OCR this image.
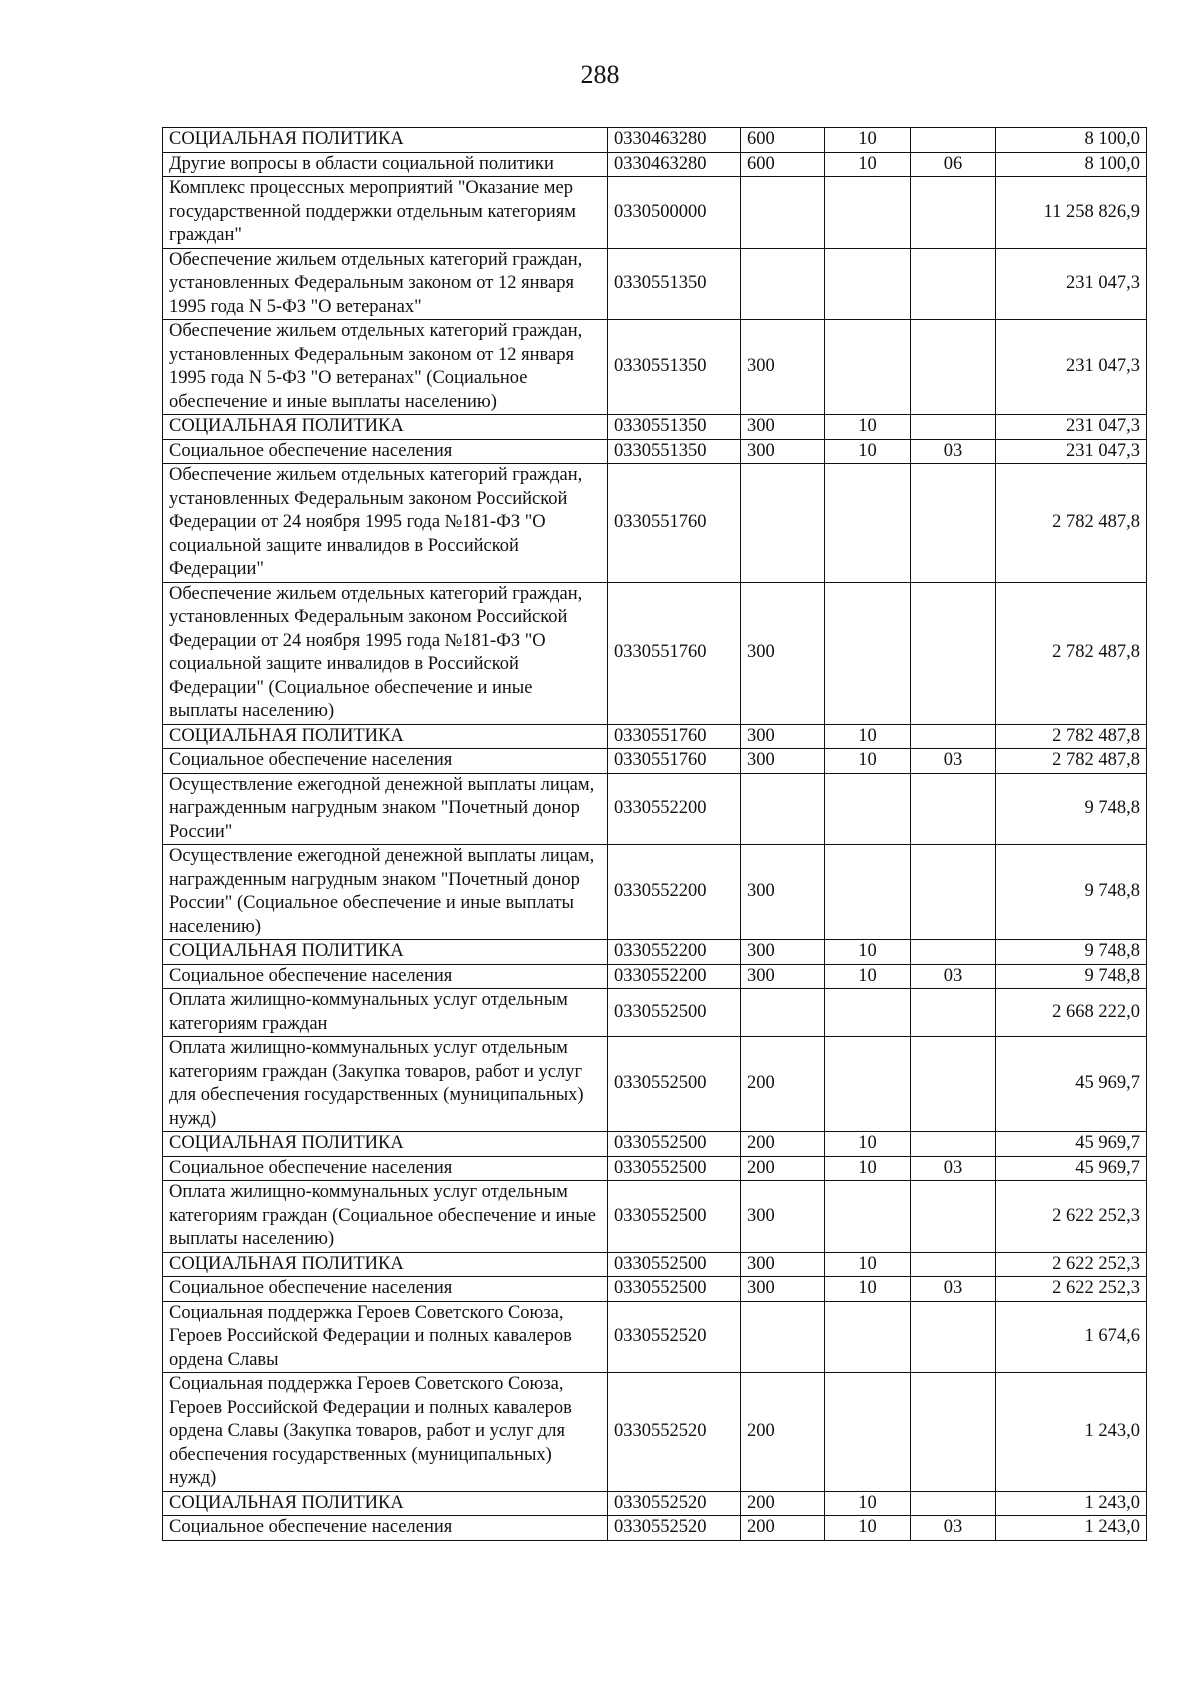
288
СОЦИАЛЬНАЯ ПОЛИТИКА	0330463280	600	10		8 100,0
Другие вопросы в области социальной политики	0330463280	600	10	06	8 100,0
Комплекс процессных мероприятий "Оказание мер государственной поддержки отдельным категориям граждан"	0330500000				11 258 826,9
Обеспечение жильем отдельных категорий граждан, установленных Федеральным законом от 12 января 1995 года N 5-ФЗ "О ветеранах"	0330551350				231 047,3
Обеспечение жильем отдельных категорий граждан, установленных Федеральным законом от 12 января 1995 года N 5-ФЗ "О ветеранах" (Социальное обеспечение и иные выплаты населению)	0330551350	300			231 047,3
СОЦИАЛЬНАЯ ПОЛИТИКА	0330551350	300	10		231 047,3
Социальное обеспечение населения	0330551350	300	10	03	231 047,3
Обеспечение жильем отдельных категорий граждан, установленных Федеральным законом Российской Федерации от 24 ноября 1995 года №181-ФЗ "О социальной защите инвалидов в Российской Федерации"	0330551760				2 782 487,8
Обеспечение жильем отдельных категорий граждан, установленных Федеральным законом Российской Федерации от 24 ноября 1995 года №181-ФЗ "О социальной защите инвалидов в Российской Федерации" (Социальное обеспечение и иные выплаты населению)	0330551760	300			2 782 487,8
СОЦИАЛЬНАЯ ПОЛИТИКА	0330551760	300	10		2 782 487,8
Социальное обеспечение населения	0330551760	300	10	03	2 782 487,8
Осуществление ежегодной денежной выплаты лицам, награжденным нагрудным знаком "Почетный донор России"	0330552200				9 748,8
Осуществление ежегодной денежной выплаты лицам, награжденным нагрудным знаком "Почетный донор России" (Социальное обеспечение и иные выплаты населению)	0330552200	300			9 748,8
СОЦИАЛЬНАЯ ПОЛИТИКА	0330552200	300	10		9 748,8
Социальное обеспечение населения	0330552200	300	10	03	9 748,8
Оплата жилищно-коммунальных услуг отдельным категориям граждан	0330552500				2 668 222,0
Оплата жилищно-коммунальных услуг отдельным категориям граждан (Закупка товаров, работ и услуг для обеспечения государственных (муниципальных) нужд)	0330552500	200			45 969,7
СОЦИАЛЬНАЯ ПОЛИТИКА	0330552500	200	10		45 969,7
Социальное обеспечение населения	0330552500	200	10	03	45 969,7
Оплата жилищно-коммунальных услуг отдельным категориям граждан (Социальное обеспечение и иные выплаты населению)	0330552500	300			2 622 252,3
СОЦИАЛЬНАЯ ПОЛИТИКА	0330552500	300	10		2 622 252,3
Социальное обеспечение населения	0330552500	300	10	03	2 622 252,3
Социальная поддержка Героев Советского Союза, Героев Российской Федерации и полных кавалеров ордена Славы	0330552520				1 674,6
Социальная поддержка Героев Советского Союза, Героев Российской Федерации и полных кавалеров ордена Славы (Закупка товаров, работ и услуг для обеспечения государственных (муниципальных) нужд)	0330552520	200			1 243,0
СОЦИАЛЬНАЯ ПОЛИТИКА	0330552520	200	10		1 243,0
Социальное обеспечение населения	0330552520	200	10	03	1 243,0
